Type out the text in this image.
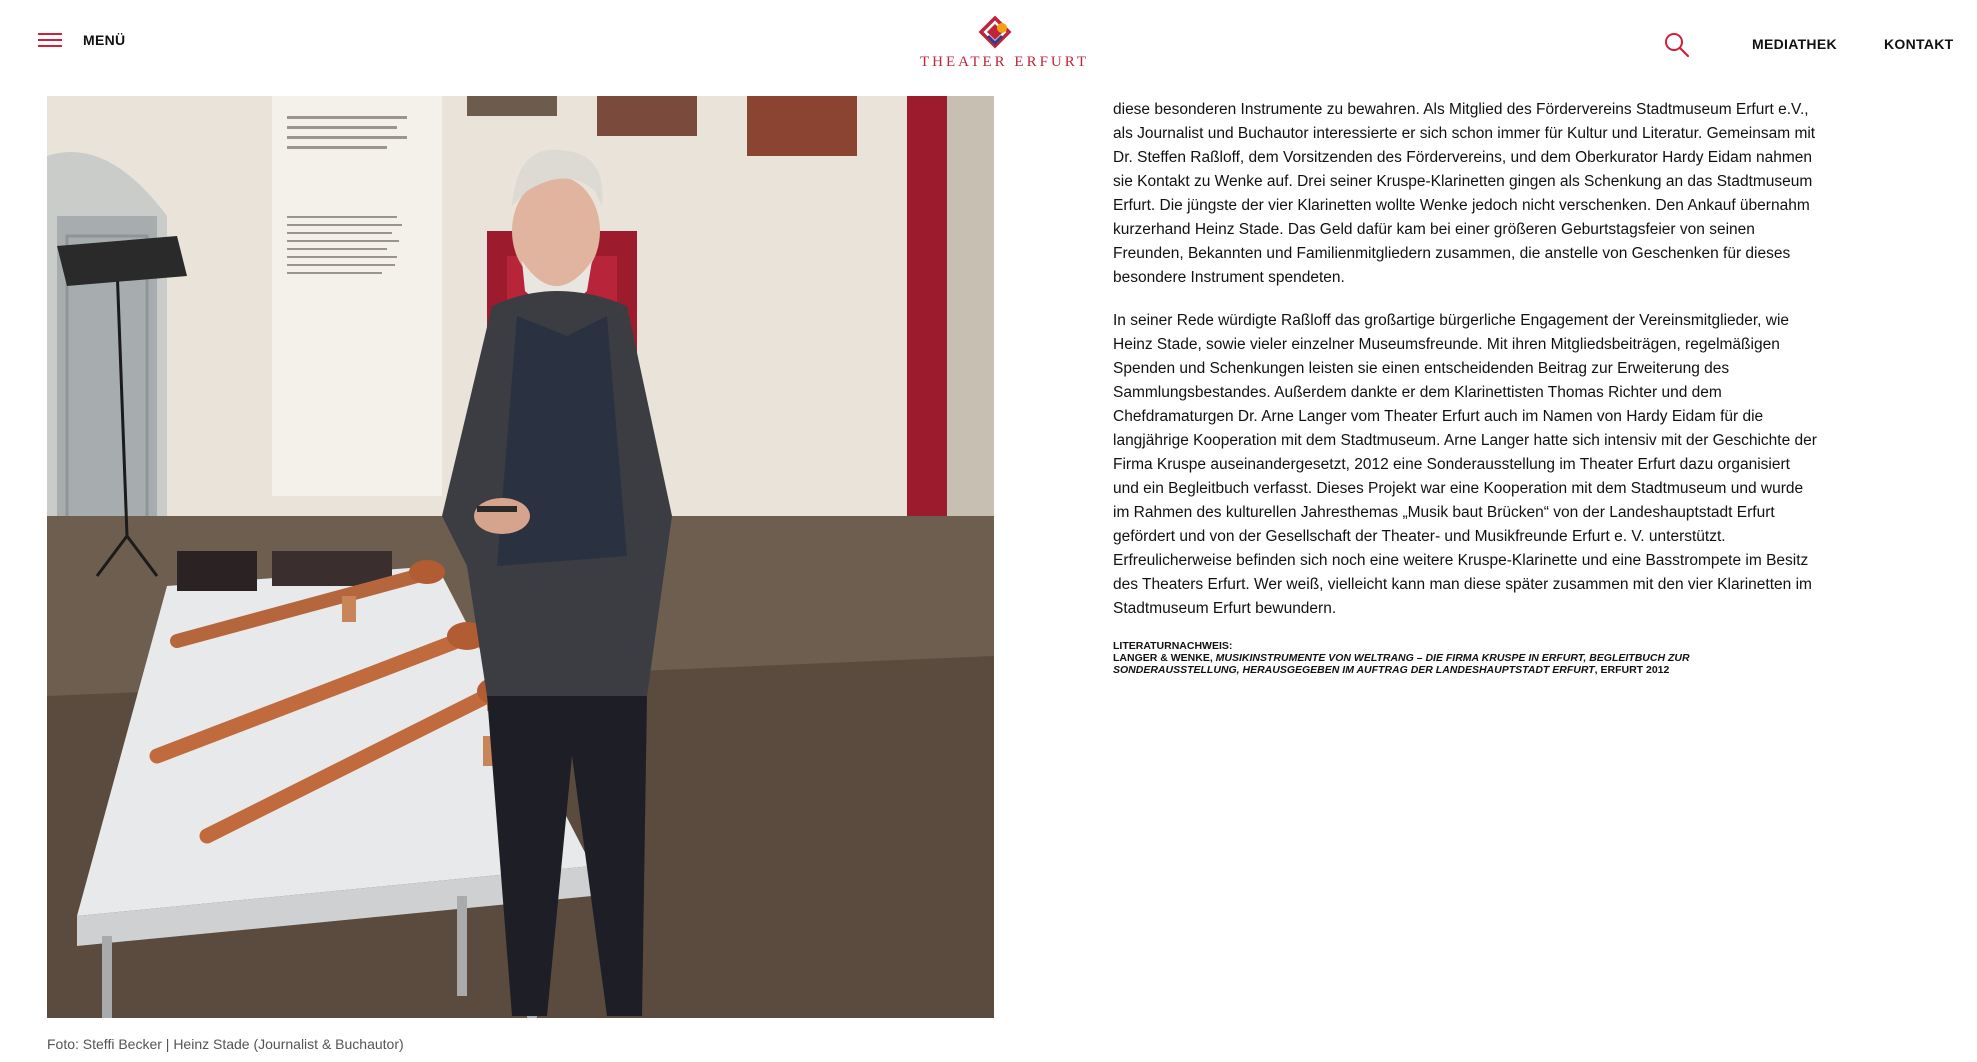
MENÜ
THEATER ERFURT
MEDIATHEK	KONTAKT
Foto: Steffi Becker | Heinz Stade (Journalist & Buchautor)

diese besonderen Instrumente zu bewahren. Als Mitglied des Fördervereins Stadtmuseum Erfurt e.V., als Journalist und Buchautor interessierte er sich schon immer für Kultur und Literatur. Gemeinsam mit Dr. Steffen Raßloff, dem Vorsitzenden des Fördervereins, und dem Oberkurator Hardy Eidam nahmen sie Kontakt zu Wenke auf. Drei seiner Kruspe-Klarinetten gingen als Schenkung an das Stadtmuseum Erfurt. Die jüngste der vier Klarinetten wollte Wenke jedoch nicht verschenken. Den Ankauf übernahm kurzerhand Heinz Stade. Das Geld dafür kam bei einer größeren Geburtstagsfeier von seinen Freunden, Bekannten und Familienmitgliedern zusammen, die anstelle von Geschenken für dieses besondere Instrument spendeten.

In seiner Rede würdigte Raßloff das großartige bürgerliche Engagement der Vereinsmitglieder, wie Heinz Stade, sowie vieler einzelner Museumsfreunde. Mit ihren Mitgliedsbeiträgen, regelmäßigen Spenden und Schenkungen leisten sie einen entscheidenden Beitrag zur Erweiterung des Sammlungsbestandes. Außerdem dankte er dem Klarinettisten Thomas Richter und dem Chefdramaturgen Dr. Arne Langer vom Theater Erfurt auch im Namen von Hardy Eidam für die langjährige Kooperation mit dem Stadtmuseum. Arne Langer hatte sich intensiv mit der Geschichte der Firma Kruspe auseinandergesetzt, 2012 eine Sonderausstellung im Theater Erfurt dazu organisiert und ein Begleitbuch verfasst. Dieses Projekt war eine Kooperation mit dem Stadtmuseum und wurde im Rahmen des kulturellen Jahresthemas „Musik baut Brücken“ von der Landeshauptstadt Erfurt gefördert und von der Gesellschaft der Theater- und Musikfreunde Erfurt e. V. unterstützt. Erfreulicherweise befinden sich noch eine weitere Kruspe-Klarinette und eine Basstrompete im Besitz des Theaters Erfurt. Wer weiß, vielleicht kann man diese später zusammen mit den vier Klarinetten im Stadtmuseum Erfurt bewundern.

LITERATURNACHWEIS:
LANGER & WENKE, MUSIKINSTRUMENTE VON WELTRANG – DIE FIRMA KRUSPE IN ERFURT, BEGLEITBUCH ZUR SONDERAUSSTELLUNG, HERAUSGEGEBEN IM AUFTRAG DER LANDESHAUPTSTADT ERFURT, ERFURT 2012
